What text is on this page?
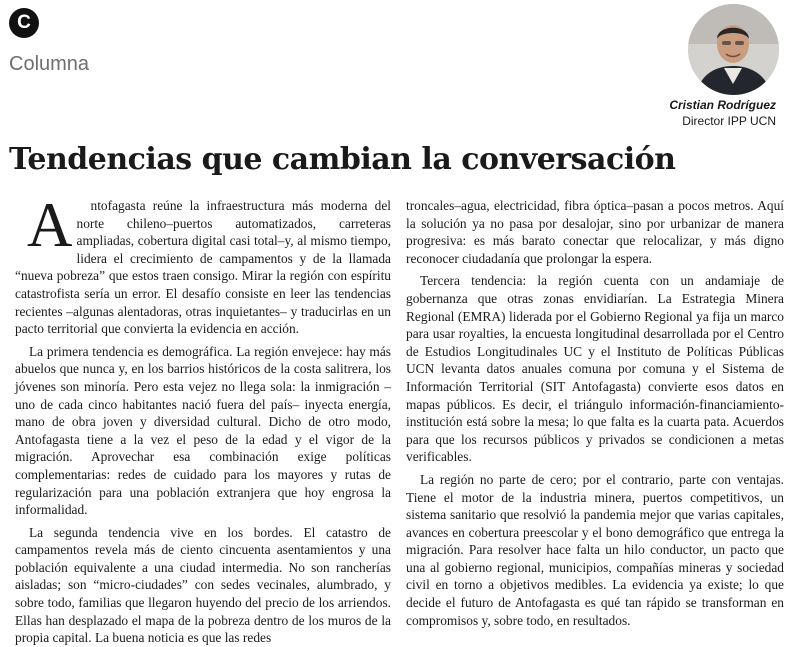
C
Columna
Cristian Rodríguez
Director IPP UCN
Tendencias que cambian la conversación

A ntofagasta reúne la infraestructura más moderna del norte chileno–puertos automatizados, carreteras ampliadas, cobertura digital casi total–y, al mismo tiempo, lidera el crecimiento de campamentos y de la llamada “nueva pobreza” que estos traen consigo. Mirar la región con espíritu catastrofista sería un error. El desafío consiste en leer las tendencias recientes –algunas alentadoras, otras inquietantes– y traducirlas en un pacto territorial que convierta la evidencia en acción.

La primera tendencia es demográfica. La región envejece: hay más abuelos que nunca y, en los barrios históricos de la costa salitrera, los jóvenes son minoría. Pero esta vejez no llega sola: la inmigración –uno de cada cinco habitantes nació fuera del país– inyecta energía, mano de obra joven y diversidad cultural. Dicho de otro modo, Antofagasta tiene a la vez el peso de la edad y el vigor de la migración. Aprovechar esa combinación exige políticas complementarias: redes de cuidado para los mayores y rutas de regularización para una población extranjera que hoy engrosa la informalidad.

La segunda tendencia vive en los bordes. El catastro de campamentos revela más de ciento cincuenta asentamientos y una población equivalente a una ciudad intermedia. No son rancherías aisladas; son “micro-ciudades” con sedes vecinales, alumbrado, y sobre todo, familias que llegaron huyendo del precio de los arriendos. Ellas han desplazado el mapa de la pobreza dentro de los muros de la propia capital. La buena noticia es que las redes

troncales–agua, electricidad, fibra óptica–pasan a pocos metros. Aquí la solución ya no pasa por desalojar, sino por urbanizar de manera progresiva: es más barato conectar que relocalizar, y más digno reconocer ciudadanía que prolongar la espera.

Tercera tendencia: la región cuenta con un andamiaje de gobernanza que otras zonas envidiarían. La Estrategia Minera Regional (EMRA) liderada por el Gobierno Regional ya fija un marco para usar royalties, la encuesta longitudinal desarrollada por el Centro de Estudios Longitudinales UC y el Instituto de Políticas Públicas UCN levanta datos anuales comuna por comuna y el Sistema de Información Territorial (SIT Antofagasta) convierte esos datos en mapas públicos. Es decir, el triángulo información-financiamiento-institución está sobre la mesa; lo que falta es la cuarta pata. Acuerdos para que los recursos públicos y privados se condicionen a metas verificables.

La región no parte de cero; por el contrario, parte con ventajas. Tiene el motor de la industria minera, puertos competitivos, un sistema sanitario que resolvió la pandemia mejor que varias capitales, avances en cobertura preescolar y el bono demográfico que entrega la migración. Para resolver hace falta un hilo conductor, un pacto que una al gobierno regional, municipios, compañías mineras y sociedad civil en torno a objetivos medibles. La evidencia ya existe; lo que decide el futuro de Antofagasta es qué tan rápido se transforman en compromisos y, sobre todo, en resultados.
